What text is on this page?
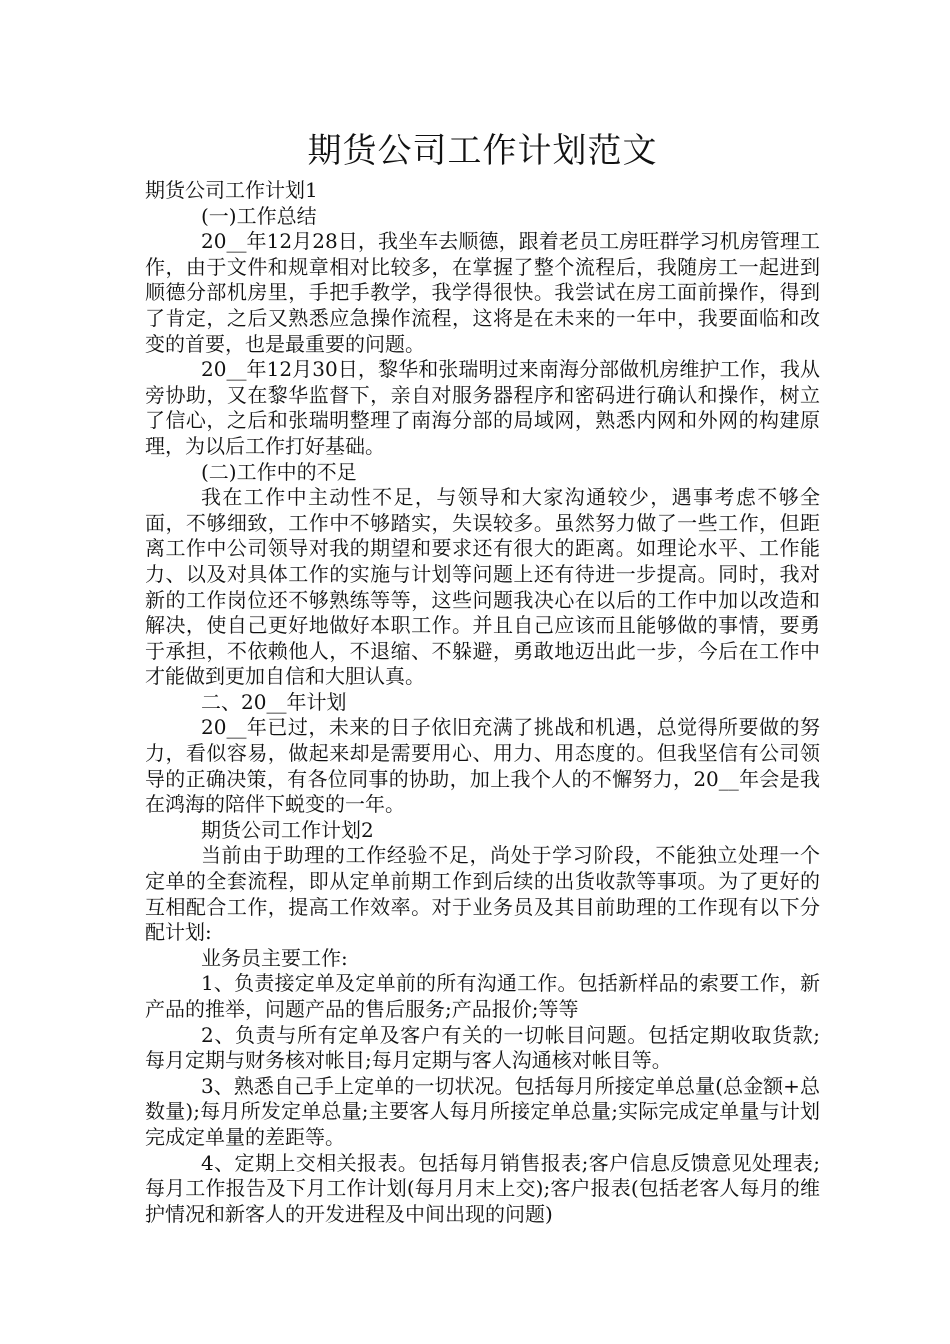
期货公司工作计划范文

期货公司工作计划1

(一)工作总结

20__年12月28日，我坐车去顺德，跟着老员工房旺群学习机房管理工作，由于文件和规章相对比较多，在掌握了整个流程后，我随房工一起进到顺德分部机房里，手把手教学，我学得很快。我尝试在房工面前操作，得到了肯定，之后又熟悉应急操作流程，这将是在未来的一年中，我要面临和改变的首要，也是最重要的问题。

20__年12月30日，黎华和张瑞明过来南海分部做机房维护工作，我从旁协助，又在黎华监督下，亲自对服务器程序和密码进行确认和操作，树立了信心，之后和张瑞明整理了南海分部的局域网，熟悉内网和外网的构建原理，为以后工作打好基础。

(二)工作中的不足

我在工作中主动性不足，与领导和大家沟通较少，遇事考虑不够全面，不够细致，工作中不够踏实，失误较多。虽然努力做了一些工作，但距离工作中公司领导对我的期望和要求还有很大的距离。如理论水平、工作能力、以及对具体工作的实施与计划等问题上还有待进一步提高。同时，我对新的工作岗位还不够熟练等等，这些问题我决心在以后的工作中加以改造和解决，使自己更好地做好本职工作。并且自己应该而且能够做的事情，要勇于承担，不依赖他人，不退缩、不躲避，勇敢地迈出此一步，今后在工作中才能做到更加自信和大胆认真。

二、20__年计划

20__年已过，未来的日子依旧充满了挑战和机遇，总觉得所要做的努力，看似容易，做起来却是需要用心、用力、用态度的。但我坚信有公司领导的正确决策，有各位同事的协助，加上我个人的不懈努力，20__年会是我在鸿海的陪伴下蜕变的一年。

期货公司工作计划2

当前由于助理的工作经验不足，尚处于学习阶段，不能独立处理一个定单的全套流程，即从定单前期工作到后续的出货收款等事项。为了更好的互相配合工作，提高工作效率。对于业务员及其目前助理的工作现有以下分配计划:

业务员主要工作:

1、负责接定单及定单前的所有沟通工作。包括新样品的索要工作，新产品的推举，问题产品的售后服务;产品报价;等等

2、负责与所有定单及客户有关的一切帐目问题。包括定期收取货款;每月定期与财务核对帐目;每月定期与客人沟通核对帐目等。

3、熟悉自己手上定单的一切状况。包括每月所接定单总量(总金额+总数量);每月所发定单总量;主要客人每月所接定单总量;实际完成定单量与计划完成定单量的差距等。

4、定期上交相关报表。包括每月销售报表;客户信息反馈意见处理表;每月工作报告及下月工作计划(每月月末上交);客户报表(包括老客人每月的维护情况和新客人的开发进程及中间出现的问题)
